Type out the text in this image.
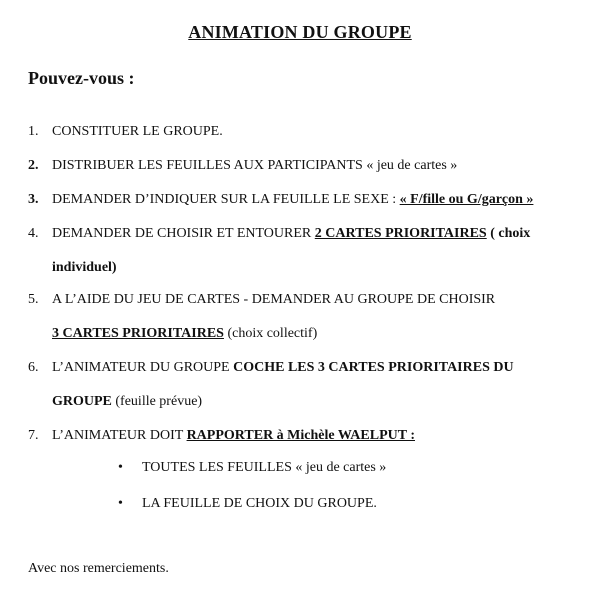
ANIMATION DU GROUPE
Pouvez-vous :
1. CONSTITUER LE GROUPE.
2. DISTRIBUER LES FEUILLES AUX PARTICIPANTS « jeu de cartes »
3. DEMANDER D’INDIQUER SUR LA FEUILLE LE SEXE : « F/fille ou G/garçon »
4. DEMANDER DE CHOISIR ET ENTOURER 2 CARTES PRIORITAIRES ( choix
individuel)
5. A L’AIDE DU JEU DE CARTES - DEMANDER AU GROUPE DE CHOISIR
3 CARTES PRIORITAIRES (choix collectif)
6. L’ANIMATEUR DU GROUPE COCHE LES 3 CARTES PRIORITAIRES DU
GROUPE (feuille prévue)
7. L’ANIMATEUR DOIT RAPPORTER à Michèle WAELPUT :
• TOUTES LES FEUILLES « jeu de cartes »
• LA FEUILLE DE CHOIX DU GROUPE.
Avec nos remerciements.
